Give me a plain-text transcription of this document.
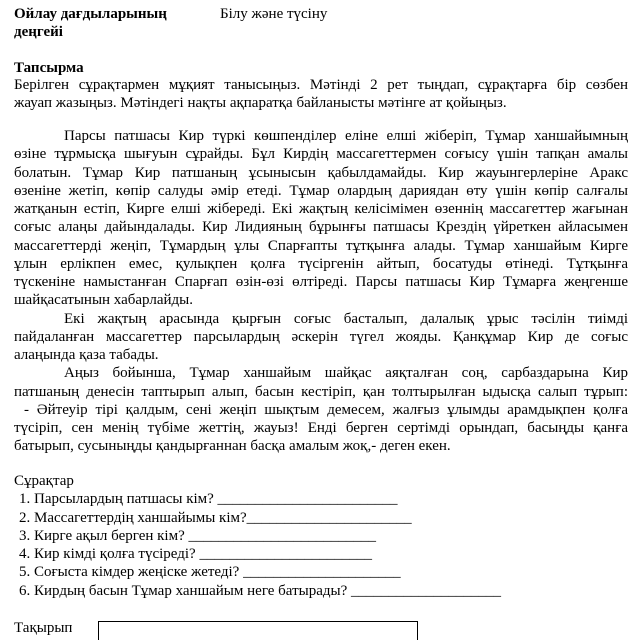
Ойлау дағдыларының
деңгейі
Білу және түсіну
Тапсырма
Берілген сұрақтармен мұқият танысыңыз. Мәтінді 2 рет тыңдап, сұрақтарға бір сөзбен
жауап жазыңыз. Мәтіндегі нақты ақпаратқа байланысты мәтінге ат қойыңыз.
Парсы патшасы Кир түркі көшпенділер еліне елші жіберіп, Тұмар ханшайымның
өзіне тұрмысқа шығуын сұрайды. Бұл Кирдің массагеттермен соғысу үшін тапқан амалы
болатын. Тұмар Кир патшаның ұсынысын қабылдамайды. Кир жауынгерлеріне Аракс
өзеніне жетіп, көпір салуды әмір етеді. Тұмар олардың дариядан өту үшін көпір салғалы
жатқанын естіп, Кирге елші жібереді. Екі жақтың келісімімен өзеннің массагеттер жағынан
соғыс алаңы дайындалады. Кир Лидияның бұрынғы патшасы Крездің үйреткен айласымен
массагеттерді жеңіп, Тұмардың ұлы Спарғапты тұтқынға алады. Тұмар ханшайым Кирге
ұлын ерлікпен емес, қулықпен қолға түсіргенін айтып, босатуды өтінеді. Тұтқынға
түскеніне намыстанған Спарғап өзін-өзі өлтіреді. Парсы патшасы Кир Тұмарға жеңгенше
шайқасатынын хабарлайды.
Екі жақтың арасында қырғын соғыс басталып, далалық ұрыс тәсілін тиімді
пайдаланған массагеттер парсылардың әскерін түгел жояды. Қанқұмар Кир де соғыс
алаңында қаза табады.
Аңыз бойынша, Тұмар ханшайым шайқас аяқталған соң, сарбаздарына Кир
патшаның денесін таптырып алып, басын кестіріп, қан толтырылған ыдысқа салып тұрып:
- Әйтеуір тірі қалдым, сені жеңіп шықтым демесем, жалғыз ұлымды арамдықпен қолға
түсіріп, сен менің түбіме жеттің, жауыз! Енді берген сертімді орындап, басыңды қанға
батырып, сусыныңды қандырғаннан басқа амалым жоқ,- деген екен.
Сұрақтар
1. Парсылардың патшасы кім? ________________________
2. Массагеттердің ханшайымы кім?______________________
3. Кирге ақыл берген кім? _________________________
4. Кир кімді қолға түсіреді? _______________________
5. Соғыста кімдер жеңіске жетеді? _____________________
6. Кирдың басын Тұмар ханшайым неге батырады? ____________________
Тақырып
